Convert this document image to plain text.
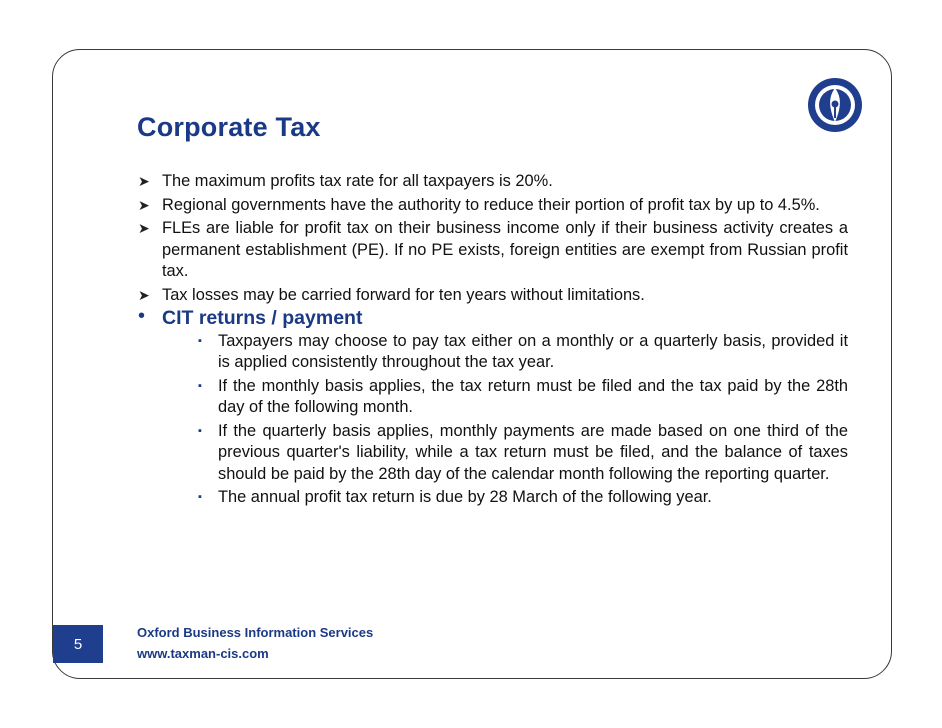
Corporate Tax
➤ The maximum profits tax rate for all taxpayers is 20%.
➤ Regional governments have the authority to reduce their portion of profit tax by up to 4.5%.
➤ FLEs are liable for profit tax on their business income only if their business activity creates a permanent establishment (PE). If no PE exists, foreign entities are exempt from Russian profit tax.
➤ Tax losses may be carried forward for ten years without limitations.
• CIT returns / payment
▪ Taxpayers may choose to pay tax either on a monthly or a quarterly basis, provided it is applied consistently throughout the tax year.
▪ If the monthly basis applies, the tax return must be filed and the tax paid by the 28th day of the following month.
▪ If the quarterly basis applies, monthly payments are made based on one third of the previous quarter's liability, while a tax return must be filed, and the balance of taxes should be paid by the 28th day of the calendar month following the reporting quarter.
▪ The annual profit tax return is due by 28 March of the following year.
5
Oxford Business Information Services
www.taxman-cis.com
